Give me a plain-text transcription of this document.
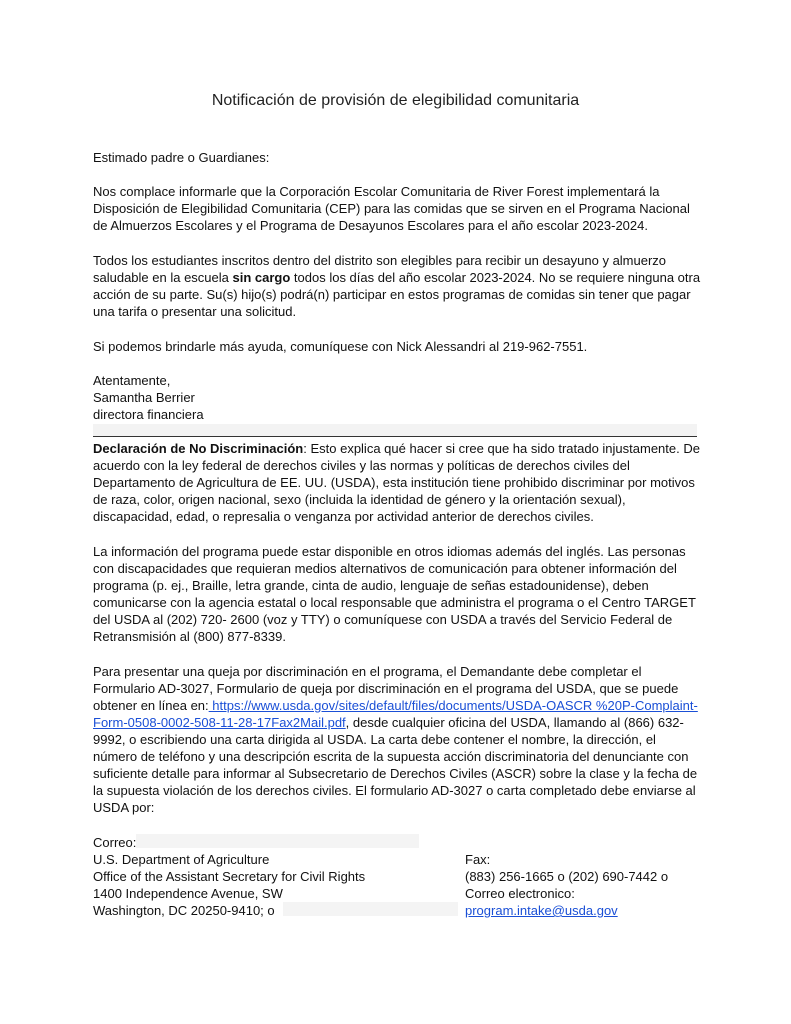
Notificación de provisión de elegibilidad comunitaria

Estimado padre o Guardianes:

Nos complace informarle que la Corporación Escolar Comunitaria de River Forest implementará la Disposición de Elegibilidad Comunitaria (CEP) para las comidas que se sirven en el Programa Nacional de Almuerzos Escolares y el Programa de Desayunos Escolares para el año escolar 2023-2024.

Todos los estudiantes inscritos dentro del distrito son elegibles para recibir un desayuno y almuerzo saludable en la escuela sin cargo todos los días del año escolar 2023-2024. No se requiere ninguna otra acción de su parte. Su(s) hijo(s) podrá(n) participar en estos programas de comidas sin tener que pagar una tarifa o presentar una solicitud.

Si podemos brindarle más ayuda, comuníquese con Nick Alessandri al 219-962-7551.

Atentamente,

Samantha Berrier

directora financiera

Declaración de No Discriminación: Esto explica qué hacer si cree que ha sido tratado injustamente. De acuerdo con la ley federal de derechos civiles y las normas y políticas de derechos civiles del Departamento de Agricultura de EE. UU. (USDA), esta institución tiene prohibido discriminar por motivos de raza, color, origen nacional, sexo (incluida la identidad de género y la orientación sexual), discapacidad, edad, o represalia o venganza por actividad anterior de derechos civiles.

La información del programa puede estar disponible en otros idiomas además del inglés. Las personas con discapacidades que requieran medios alternativos de comunicación para obtener información del programa (p. ej., Braille, letra grande, cinta de audio, lenguaje de señas estadounidense), deben comunicarse con la agencia estatal o local responsable que administra el programa o el Centro TARGET del USDA al (202) 720- 2600 (voz y TTY) o comuníquese con USDA a través del Servicio Federal de Retransmisión al (800) 877-8339.

Para presentar una queja por discriminación en el programa, el Demandante debe completar el Formulario AD-3027, Formulario de queja por discriminación en el programa del USDA, que se puede obtener en línea en: https://www.usda.gov/sites/default/files/documents/USDA-OASCR %20P-Complaint-Form-0508-0002-508-11-28-17Fax2Mail.pdf, desde cualquier oficina del USDA, llamando al (866) 632-9992, o escribiendo una carta dirigida al USDA. La carta debe contener el nombre, la dirección, el número de teléfono y una descripción escrita de la supuesta acción discriminatoria del denunciante con suficiente detalle para informar al Subsecretario de Derechos Civiles (ASCR) sobre la clase y la fecha de la supuesta violación de los derechos civiles. El formulario AD-3027 o carta completado debe enviarse al USDA por:

Correo:
U.S. Department of Agriculture
Office of the Assistant Secretary for Civil Rights
1400 Independence Avenue, SW
Washington, DC 20250-9410; o
Fax:
(883) 256-1665 o (202) 690-7442 o
Correo electronico:
program.intake@usda.gov
